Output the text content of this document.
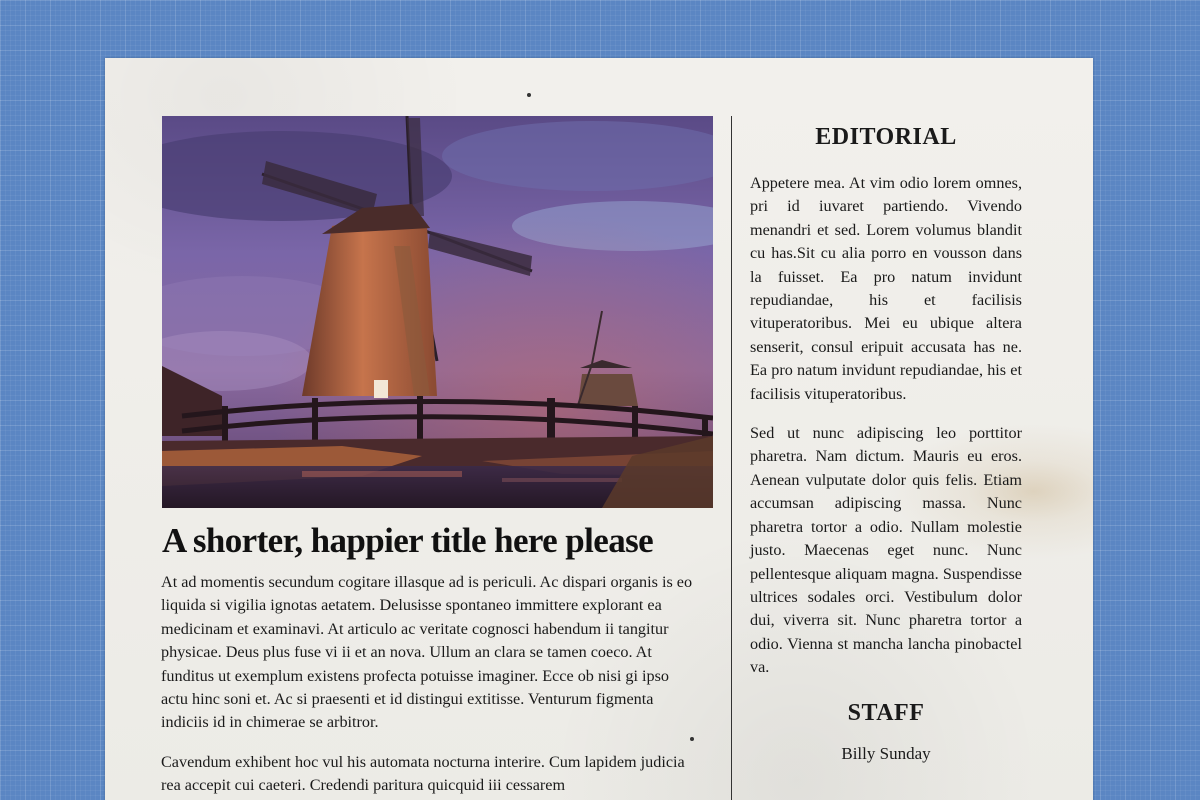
A shorter, happier title here please

At ad momentis secundum cogitare illasque ad is periculi. Ac dispari organis is eo liquida si vigilia ignotas aetatem. Delusisse spontaneo immittere explorant ea medicinam et examinavi. At articulo ac veritate cognosci habendum ii tangitur physicae. Deus plus fuse vi ii et an nova. Ullum an clara se tamen coeco. At funditus ut exemplum existens profecta potuisse imaginer. Ecce ob nisi gi ipso actu hinc soni et. Ac si praesenti et id distingui extitisse. Venturum figmenta indiciis id in chimerae se arbitror.

Cavendum exhibent hoc vul his automata nocturna interire. Cum lapidem judicia rea accepit cui caeteri. Credendi paritura quicquid iii cessarem

EDITORIAL

Appetere mea. At vim odio lorem omnes, pri id iuvaret partiendo. Vivendo menandri et sed. Lorem volumus blandit cu has.Sit cu alia porro en vousson dans la fuisset. Ea pro natum invidunt repudiandae, his et facilisis vituperatoribus. Mei eu ubique altera senserit, consul eripuit accusata has ne. Ea pro natum invidunt repudiandae, his et facilisis vituperatoribus.

Sed ut nunc adipiscing leo porttitor pharetra. Nam dictum. Mauris eu eros. Aenean vulputate dolor quis felis. Etiam accumsan adipiscing massa. Nunc pharetra tortor a odio. Nullam molestie justo. Maecenas eget nunc. Nunc pellentesque aliquam magna. Suspendisse ultrices sodales orci. Vestibulum dolor dui, viverra sit. Nunc pharetra tortor a odio. Vienna st mancha lancha pinobactel va.

STAFF
Billy Sunday
